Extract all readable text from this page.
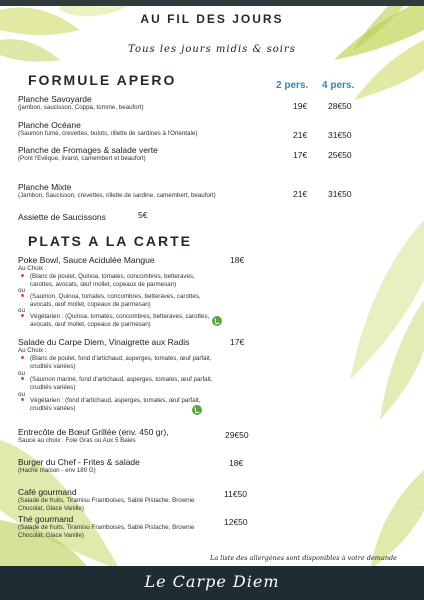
AU FIL DES JOURS
Tous les jours midis & soirs
FORMULE APERO	2 pers. 4 pers.
Planche Savoyarde
(jambon, saucisson, Coppa, tomme, beaufort)	19€ 28€50
Planche Océane
(Saumon fumé, crevettes, bulots, rillette de sardines à l'Orientale)	21€ 31€50
Planche de Fromages & salade verte
(Pont l'Evêque, livarot, camembert et beaufort)	17€ 25€50
Planche Mixte
(Jambon, Saucisson, crevettes, rillette de sardine, camembert, beaufort)	21€ 31€50
Assiette de Saucissons	5€
PLATS A LA CARTE
Poke Bowl, Sauce Acidulée Mangue	18€
Au Choix :
(Blanc de poulet, Quinoa, tomates, concombres, betteraves, carottes, avocats, œuf mollet, copeaux de parmesan)
ou
(Saumon, Quinoa, tomates, concombres, betteraves, carottes, avocats, œuf mollet, copeaux de parmesan)
ou
Végétarien : (Quinoa, tomates, concombres, betteraves, carottes, avocats, œuf mollet, copeaux de parmesan)
Salade du Carpe Diem, Vinaigrette aux Radis	17€
Au Choix :
(Blanc de poulet, fond d'artichaud, asperges, tomates, œuf parfait, crudités variées)
ou
(Saumon mariné, fond d'artichaud, asperges, tomates, œuf parfait, crudités variées)
ou
Végétarien : (fond d'artichaud, asperges, tomates, œuf parfait, crudités variées)
Entrecôte de Bœuf Grillée (env. 450 gr),
Sauce au choix : Foie Gras ou Aux 5 Baies
29€50
Burger du Chef - Frites & salade
(Haché maison - env 180 G)
18€
Café gourmand
(Salade de fruits, Tiramisu Framboises, Sablé Pistache, Brownie Chocolat, Glace Vanille)
11€50
Thé gourmand
(Salade de fruits, Tiramisu Framboises, Sablé Pistache, Brownie Chocolat, Glace Vanille)
12€50
La liste des allergènes sont disponibles à votre demande
Le Carpe Diem
